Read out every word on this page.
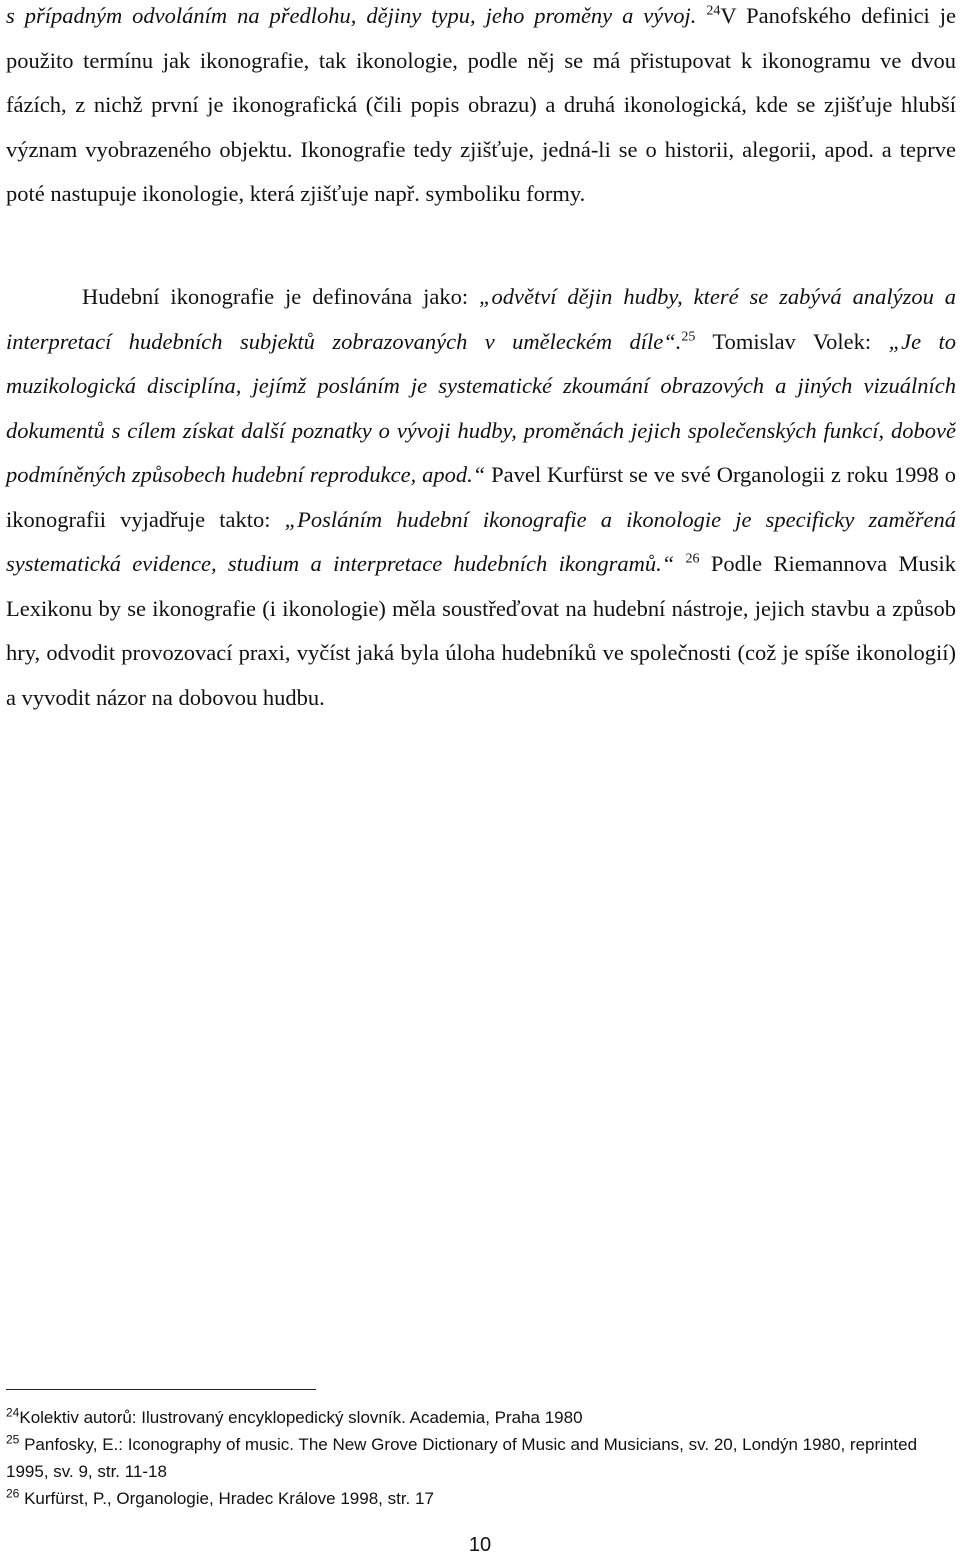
s případným odvoláním na předlohu, dějiny typu, jeho proměny a vývoj. $^{24}$V Panofského definici je použito termínu jak ikonografie, tak ikonologie, podle něj se má přistupovat k ikonogramu ve dvou fázích, z nichž první je ikonografická (čili popis obrazu) a druhá ikonologická, kde se zjišťuje hlubší význam vyobrazeného objektu. Ikonografie tedy zjišťuje, jedná-li se o historii, alegorii, apod. a teprve poté nastupuje ikonologie, která zjišťuje např. symboliku formy.

Hudební ikonografie je definována jako: „odvětví dějin hudby, které se zabývá analýzou a interpretací hudebních subjektů zobrazovaných v uměleckém díle“.$^{25}$ Tomislav Volek: „Je to muzikologická disciplína, jejímž posláním je systematické zkoumání obrazových a jiných vizuálních dokumentů s cílem získat další poznatky o vývoji hudby, proměnách jejich společenských funkcí, dobově podmíněných způsobech hudební reprodukce, apod.“ Pavel Kurfürst se ve své Organologii z roku 1998 o ikonografii vyjadřuje takto: „Posláním hudební ikonografie a ikonologie je specificky zaměřená systematická evidence, studium a interpretace hudebních ikongramů.“ $^{26}$ Podle Riemannova Musik Lexikonu by se ikonografie (i ikonologie) měla soustřeďovat na hudební nástroje, jejich stavbu a způsob hry, odvodit provozovací praxi, vyčíst jaká byla úloha hudebníků ve společnosti (což je spíše ikonologií) a vyvodit názor na dobovou hudbu.

$^{24}$Kolektiv autorů: Ilustrovaný encyklopedický slovník. Academia, Praha 1980

$^{25}$ Panfosky, E.: Iconography of music. The New Grove Dictionary of Music and Musicians, sv. 20, Londýn 1980, reprinted 1995, sv. 9, str. 11-18

$^{26}$ Kurfürst, P., Organologie, Hradec Králove 1998, str. 17

10
